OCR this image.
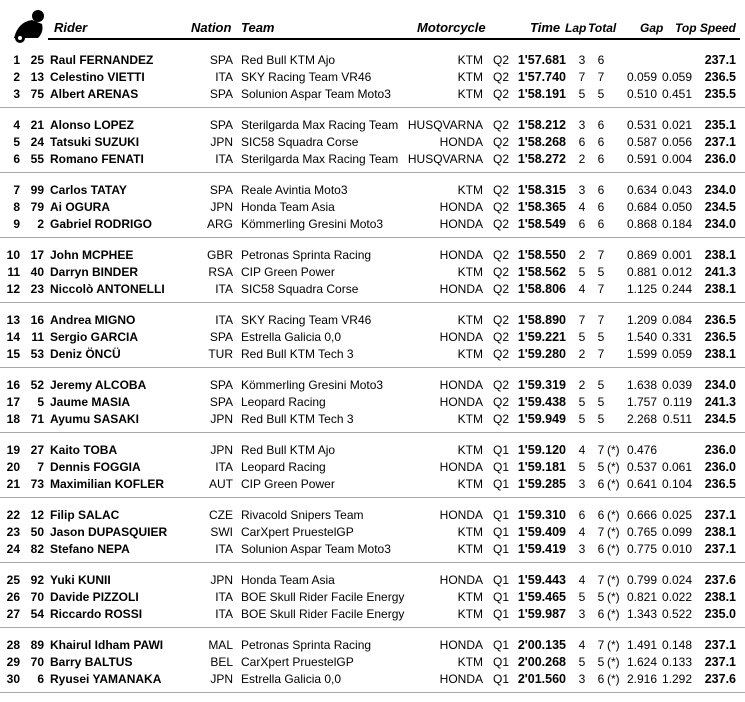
Rider	Nation Team	Motorcycle	Time Lap Total Gap Top Speed
1 25 Raul FERNANDEZ	SPA Red Bull KTM Ajo	KTM Q2 1'57.681	3	6	237.1
2 13 Celestino VIETTI	ITA SKY Racing Team VR46	KTM Q2 1'57.740	7	7	0.059 0.059	236.5
3 75 Albert ARENAS	SPA Solunion Aspar Team Moto3	KTM Q2 1'58.191	5	5	0.510 0.451	235.5
4 21 Alonso LOPEZ	SPA Sterilgarda Max Racing Team HUSQVARNA Q2 1'58.212	3	6	0.531 0.021	235.1
5 24 Tatsuki SUZUKI	JPN SIC58 Squadra Corse	HONDA Q2 1'58.268	6	6	0.587 0.056	237.1
6 55 Romano FENATI	ITA Sterilgarda Max Racing Team HUSQVARNA Q2 1'58.272	2	6	0.591 0.004	236.0
7 99 Carlos TATAY	SPA Reale Avintia Moto3	KTM Q2 1'58.315	3	6	0.634 0.043	234.0
8 79 Ai OGURA	JPN Honda Team Asia	HONDA Q2 1'58.365	4	6	0.684 0.050	234.5
9	2 Gabriel RODRIGO	ARG Kömmerling Gresini Moto3	HONDA Q2 1'58.549	6	6	0.868 0.184	234.0
10 17 John MCPHEE	GBR Petronas Sprinta Racing	HONDA Q2 1'58.550	2	7	0.869 0.001	238.1
11 40 Darryn BINDER	RSA CIP Green Power	KTM Q2 1'58.562	5	5	0.881 0.012	241.3
12 23 Niccolò ANTONELLI	ITA SIC58 Squadra Corse	HONDA Q2 1'58.806	4	7	1.125 0.244	238.1
13 16 Andrea MIGNO	ITA SKY Racing Team VR46	KTM Q2 1'58.890	7	7	1.209 0.084	236.5
14 11 Sergio GARCIA	SPA Estrella Galicia 0,0	HONDA Q2 1'59.221	5	5	1.540 0.331	236.5
15 53 Deniz ÖNCÜ	TUR Red Bull KTM Tech 3	KTM Q2 1'59.280	2	7	1.599 0.059	238.1
16 52 Jeremy ALCOBA	SPA Kömmerling Gresini Moto3	HONDA Q2 1'59.319	2	5	1.638 0.039	234.0
17	5 Jaume MASIA	SPA Leopard Racing	HONDA Q2 1'59.438	5	5	1.757 0.119	241.3
18 71 Ayumu SASAKI	JPN Red Bull KTM Tech 3	KTM Q2 1'59.949	5	5	2.268 0.511	234.5
19 27 Kaito TOBA	JPN Red Bull KTM Ajo	KTM Q1 1'59.120	4	7 (*) 0.476	236.0
20	7 Dennis FOGGIA	ITA Leopard Racing	HONDA Q1 1'59.181	5	5 (*) 0.537 0.061	236.0
21 73 Maximilian KOFLER	AUT CIP Green Power	KTM Q1 1'59.285	3	6 (*) 0.641 0.104	236.5
22 12 Filip SALAC	CZE Rivacold Snipers Team	HONDA Q1 1'59.310	6	6 (*) 0.666 0.025	237.1
23 50 Jason DUPASQUIER	SWI CarXpert PruestelGP	KTM Q1 1'59.409	4	7 (*) 0.765 0.099	238.1
24 82 Stefano NEPA	ITA Solunion Aspar Team Moto3	KTM Q1 1'59.419	3	6 (*) 0.775 0.010	237.1
25 92 Yuki KUNII	JPN Honda Team Asia	HONDA Q1 1'59.443	4	7 (*) 0.799 0.024	237.6
26 70 Davide PIZZOLI	ITA BOE Skull Rider Facile Energy	KTM Q1 1'59.465	5	5 (*) 0.821 0.022	238.1
27 54 Riccardo ROSSI	ITA BOE Skull Rider Facile Energy	KTM Q1 1'59.987	3	6 (*) 1.343 0.522	235.0
28 89 Khairul Idham PAWI	MAL Petronas Sprinta Racing	HONDA Q1 2'00.135	4	7 (*) 1.491 0.148	237.1
29 70 Barry BALTUS	BEL CarXpert PruestelGP	KTM Q1 2'00.268	5	5 (*) 1.624 0.133	237.1
30	6 Ryusei YAMANAKA	JPN Estrella Galicia 0,0	HONDA Q1 2'01.560	3	6 (*) 2.916 1.292	237.6
